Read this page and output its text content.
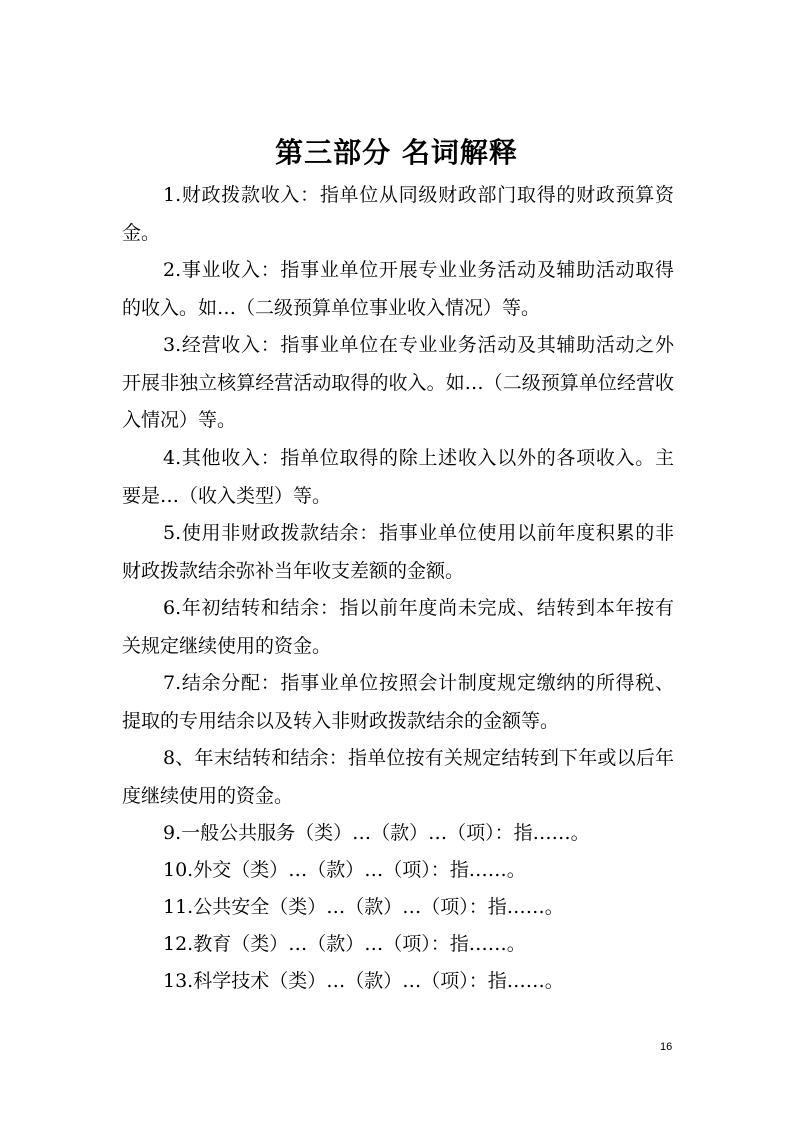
第三部分 名词解释

1.财政拨款收入：指单位从同级财政部门取得的财政预算资金。

2.事业收入：指事业单位开展专业业务活动及辅助活动取得的收入。如…（二级预算单位事业收入情况）等。

3.经营收入：指事业单位在专业业务活动及其辅助活动之外开展非独立核算经营活动取得的收入。如…（二级预算单位经营收入情况）等。

4.其他收入：指单位取得的除上述收入以外的各项收入。主要是…（收入类型）等。

5.使用非财政拨款结余：指事业单位使用以前年度积累的非财政拨款结余弥补当年收支差额的金额。

6.年初结转和结余：指以前年度尚未完成、结转到本年按有关规定继续使用的资金。

7.结余分配：指事业单位按照会计制度规定缴纳的所得税、提取的专用结余以及转入非财政拨款结余的金额等。

8、年末结转和结余：指单位按有关规定结转到下年或以后年度继续使用的资金。

9.一般公共服务（类）…（款）…（项）：指……。

10.外交（类）…（款）…（项）：指……。

11.公共安全（类）…（款）…（项）：指……。

12.教育（类）…（款）…（项）：指……。

13.科学技术（类）…（款）…（项）：指……。

16
